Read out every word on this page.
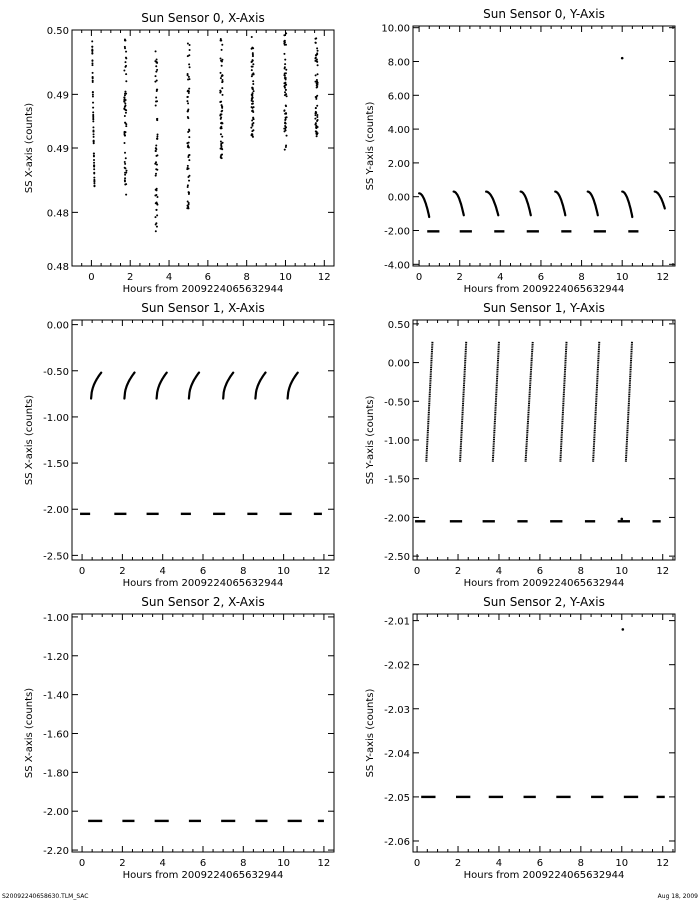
Sun Sensor 0, X-Axis
0	2	4	6	8	10	12
0.48
0.48
0.49
0.49
0.50
Hours from 2009224065632944
SS X-axis (counts)
Sun Sensor 0, Y-Axis
0	2	4	6	8	10	12
-4.00
-2.00
0.00
2.00
4.00
6.00
8.00
10.00
Hours from 2009224065632944
SS Y-axis (counts)
Sun Sensor 1, X-Axis
0	2	4	6	8	10	12
-2.50
-2.00
-1.50
-1.00
-0.50
0.00
Hours from 2009224065632944
SS X-axis (counts)
Sun Sensor 1, Y-Axis
0	2	4	6	8	10	12
-2.50
-2.00
-1.50
-1.00
-0.50
0.00
0.50
Hours from 2009224065632944
SS Y-axis (counts)
Sun Sensor 2, X-Axis
0	2	4	6	8	10	12
-2.20
-2.00
-1.80
-1.60
-1.40
-1.20
-1.00
Hours from 2009224065632944
SS X-axis (counts)
Sun Sensor 2, Y-Axis
0	2	4	6	8	10	12
-2.06
-2.05
-2.04
-2.03
-2.02
-2.01
Hours from 2009224065632944
SS Y-axis (counts)
S20092240658630.TLM_SAC	Aug 18, 2009
